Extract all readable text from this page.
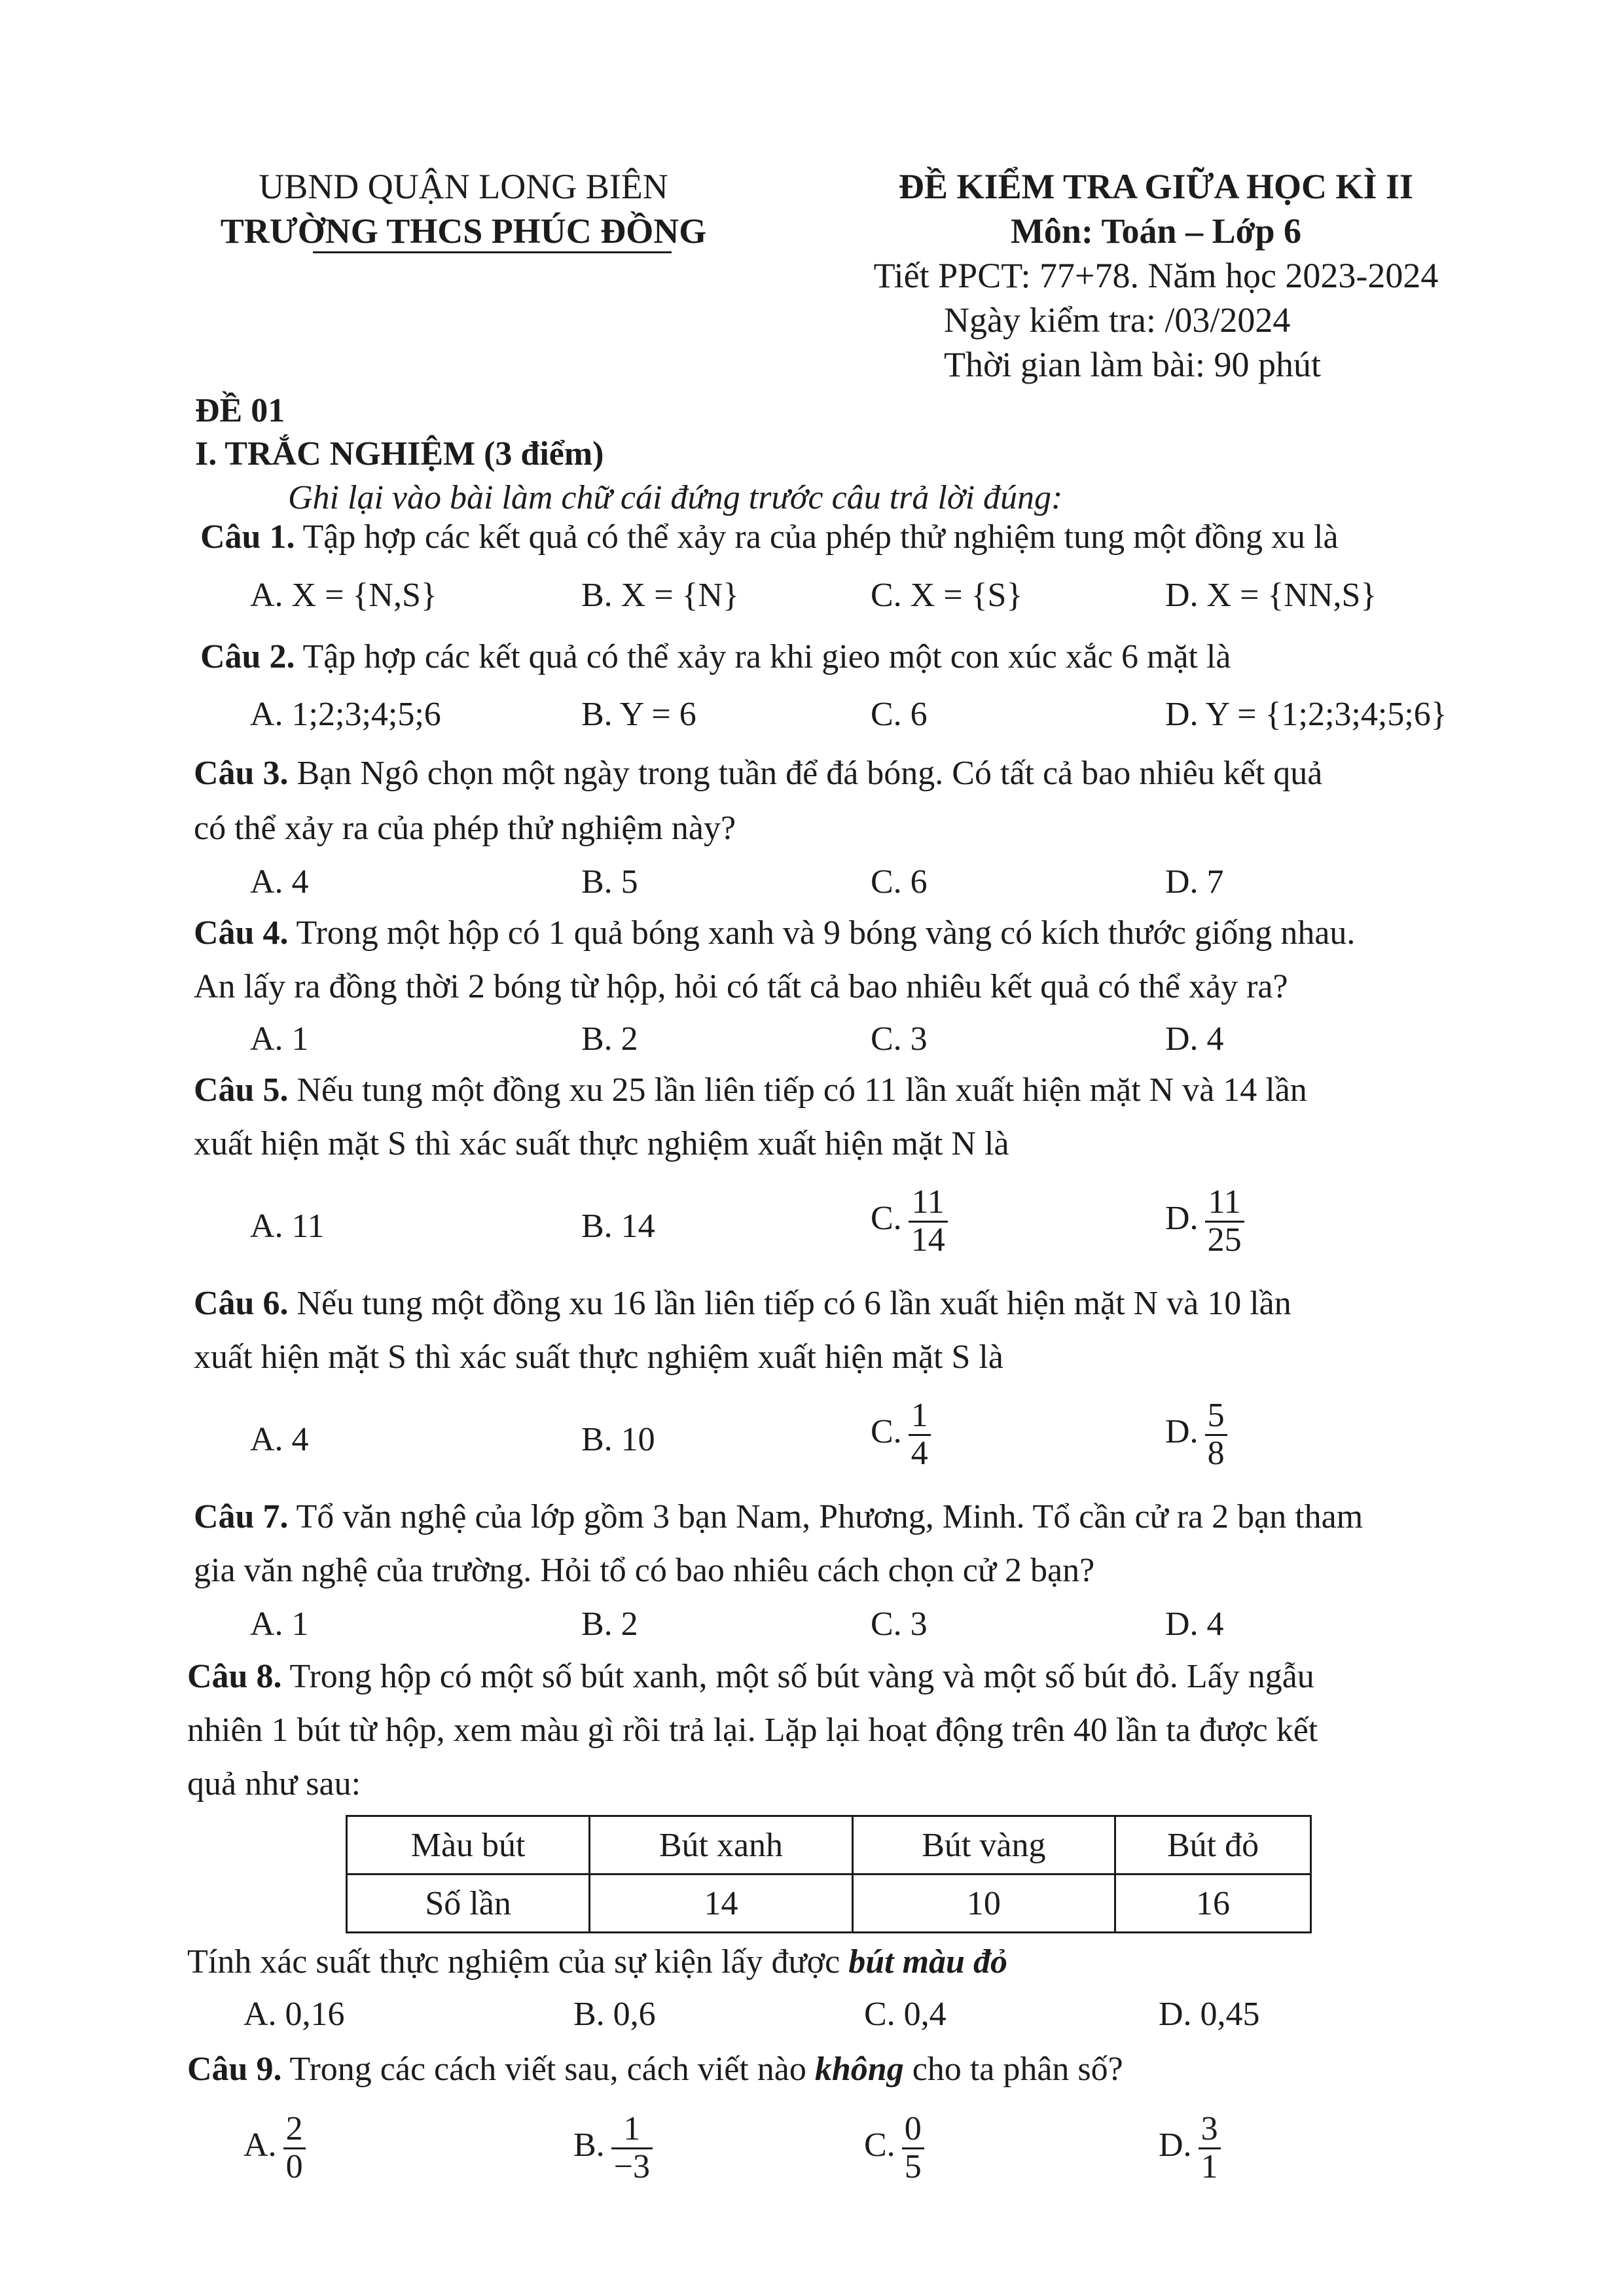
UBND QUẬN LONG BIÊN
TRƯỜNG THCS PHÚC ĐỒNG
ĐỀ KIỂM TRA GIỮA HỌC KÌ II
Môn: Toán – Lớp 6
Tiết PPCT: 77+78. Năm học 2023-2024
Ngày kiểm tra: /03/2024
Thời gian làm bài: 90 phút
ĐỀ 01
I. TRẮC NGHIỆM (3 điểm)
Ghi lại vào bài làm chữ cái đứng trước câu trả lời đúng:
Câu 1. Tập hợp các kết quả có thể xảy ra của phép thử nghiệm tung một đồng xu là
A. X = {N,S}	B. X = {N}	C. X = {S}	D. X = {NN,S}
Câu 2. Tập hợp các kết quả có thể xảy ra khi gieo một con xúc xắc 6 mặt là
A. 1;2;3;4;5;6	B. Y = 6	C. 6	D. Y = {1;2;3;4;5;6}
Câu 3. Bạn Ngô chọn một ngày trong tuần để đá bóng. Có tất cả bao nhiêu kết quả
có thể xảy ra của phép thử nghiệm này?
A. 4	B. 5	C. 6	D. 7
Câu 4. Trong một hộp có 1 quả bóng xanh và 9 bóng vàng có kích thước giống nhau.
An lấy ra đồng thời 2 bóng từ hộp, hỏi có tất cả bao nhiêu kết quả có thể xảy ra?
A. 1	B. 2	C. 3	D. 4
Câu 5. Nếu tung một đồng xu 25 lần liên tiếp có 11 lần xuất hiện mặt N và 14 lần
xuất hiện mặt S thì xác suất thực nghiệm xuất hiện mặt N là
A. 11	B. 14	C. $\frac{11}{14}$	D. $\frac{11}{25}$
Câu 6. Nếu tung một đồng xu 16 lần liên tiếp có 6 lần xuất hiện mặt N và 10 lần
xuất hiện mặt S thì xác suất thực nghiệm xuất hiện mặt S là
A. 4	B. 10	C. $\frac{1}{4}$	D. $\frac{5}{8}$
Câu 7. Tổ văn nghệ của lớp gồm 3 bạn Nam, Phương, Minh. Tổ cần cử ra 2 bạn tham
gia văn nghệ của trường. Hỏi tổ có bao nhiêu cách chọn cử 2 bạn?
A. 1	B. 2	C. 3	D. 4
Câu 8. Trong hộp có một số bút xanh, một số bút vàng và một số bút đỏ. Lấy ngẫu
nhiên 1 bút từ hộp, xem màu gì rồi trả lại. Lặp lại hoạt động trên 40 lần ta được kết
quả như sau:
Màu bút	Bút xanh	Bút vàng	Bút đỏ
Số lần	14	10	16
Tính xác suất thực nghiệm của sự kiện lấy được bút màu đỏ
A. 0,16	B. 0,6	C. 0,4	D. 0,45
Câu 9. Trong các cách viết sau, cách viết nào không cho ta phân số?
A. $\frac{2}{0}$	B. $\frac{1}{-3}$	C. $\frac{0}{5}$	D. $\frac{3}{1}$
